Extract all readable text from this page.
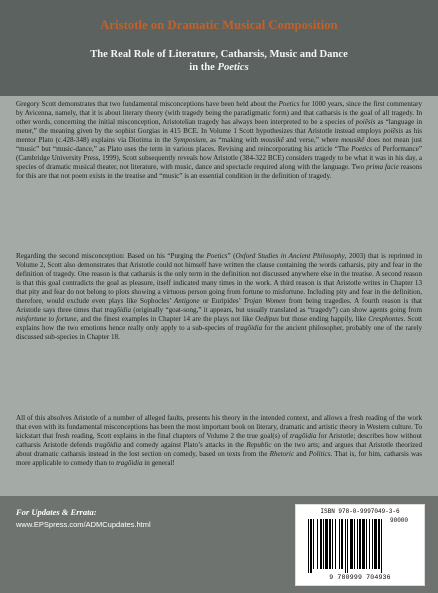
Aristotle on Dramatic Musical Composition
The Real Role of Literature, Catharsis, Music and Dance
in the Poetics

Gregory Scott demonstrates that two fundamental misconceptions have been held about the Poetics for 1000 years, since the first commentary by Avicenna, namely, that it is about literary theory (with tragedy being the paradigmatic form) and that catharsis is the goal of all tragedy. In other words, concerning the initial misconception, Aristotelian tragedy has always been interpreted to be a species of poiēsis as “language in meter,” the meaning given by the sophist Gorgias in 415 BCE. In Volume 1 Scott hypothesizes that Aristotle instead employs poiēsis as his mentor Plato (c.428-348) explains via Diotima in the Symposium, as “making with mousikē and verse,” where mousikē does not mean just “music” but “music-dance,” as Plato uses the term in various places. Revising and reincorporating his article “The Poetics of Performance” (Cambridge University Press, 1999), Scott subsequently reveals how Aristotle (384-322 BCE) considers tragedy to be what it was in his day, a species of dramatic musical theater, not literature, with music, dance and spectacle required along with the language. Two prima facie reasons for this are that not poem exists in the treatise and “music” is an essential condition in the definition of tragedy.

Regarding the second misconception: Based on his “Purging the Poetics” (Oxford Studies in Ancient Philosophy, 2003) that is reprinted in Volume 2, Scott also demonstrates that Aristotle could not himself have written the clause containing the words catharsis, pity and fear in the definition of tragedy. One reason is that catharsis is the only term in the definition not discussed anywhere else in the treatise. A second reason is that this goal contradicts the goal as pleasure, itself indicated many times in the work. A third reason is that Aristotle writes in Chapter 13 that pity and fear do not belong to plots showing a virtuous person going from fortune to misfortune. Including pity and fear in the definition, therefore, would exclude even plays like Sophocles’ Antigone or Euripides’ Trojan Women from being tragedies. A fourth reason is that Aristotle says three times that tragōidia (originally “goat-song,” it appears, but usually translated as “tragedy”) can show agents going from misfortune to fortune, and the finest examples in Chapter 14 are the plays not like Oedipus but those ending happily, like Cresphontes. Scott explains how the two emotions hence really only apply to a sub-species of tragōidia for the ancient philosopher, probably one of the rarely discussed sub-species in Chapter 18.

All of this absolves Aristotle of a number of alleged faults, presents his theory in the intended context, and allows a fresh reading of the work that even with its fundamental misconceptions has been the most important book on literary, dramatic and artistic theory in Western culture. To kickstart that fresh reading, Scott explains in the final chapters of Volume 2 the true goal(s) of tragōidia for Aristotle; describes how without catharsis Aristotle defends tragōidia and comedy against Plato’s attacks in the Republic on the two arts; and argues that Aristotle theorized about dramatic catharsis instead in the lost section on comedy, based on texts from the Rhetoric and Politics. That is, for him, catharsis was more applicable to comedy than to tragōidia in general!

For Updates & Errata:
www.EPSpress.com/ADMCupdates.html
ISBN 978-0-9997049-3-6
90000
9 780999 704936
